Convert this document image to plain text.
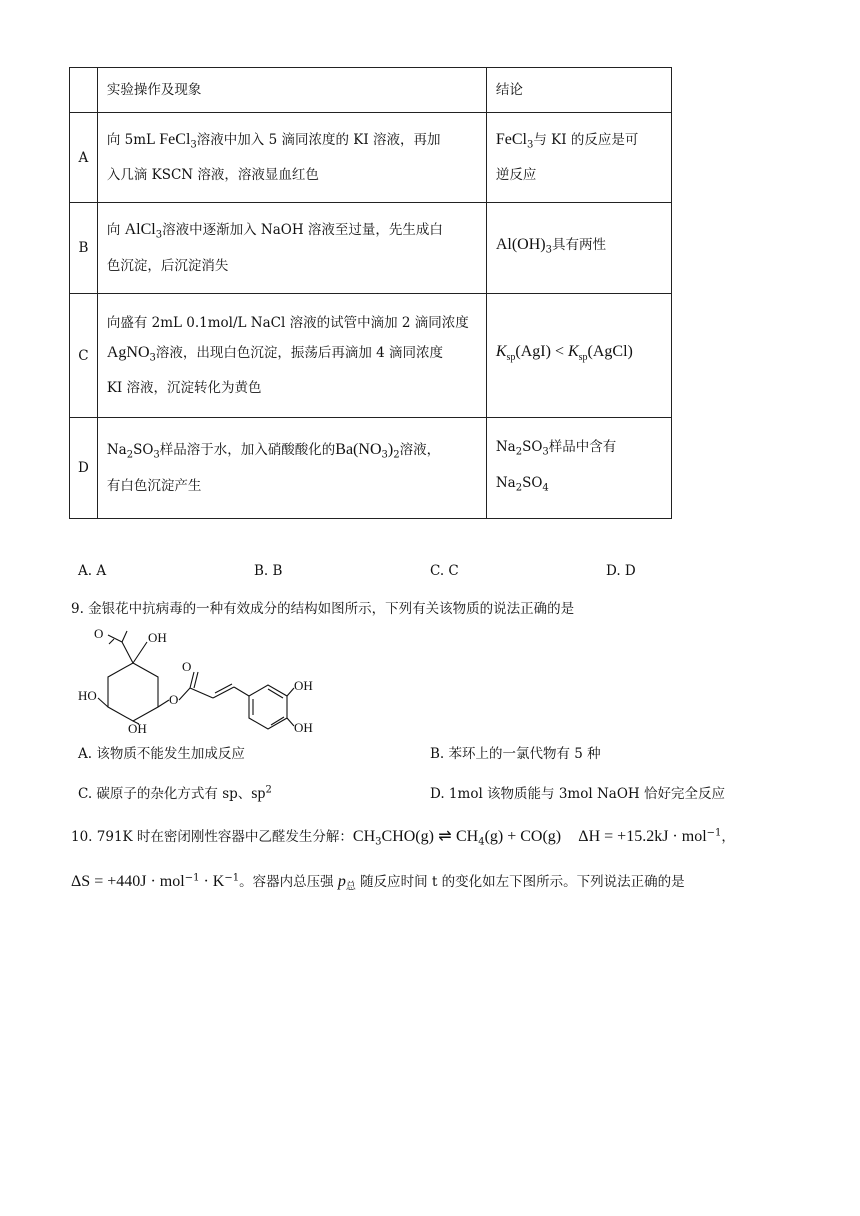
	实验操作及现象	结论
A	向 5mL FeCl$_3$溶液中加入 5 滴同浓度的 KI 溶液，再加
入几滴 KSCN 溶液，溶液显血红色	FeCl$_3$与 KI 的反应是可
逆反应
B	向 AlCl$_3$溶液中逐渐加入 NaOH 溶液至过量，先生成白
色沉淀，后沉淀消失	$Al(OH)_3$具有两性
C	向盛有 2mL 0.1mol/L NaCl 溶液的试管中滴加 2 滴同浓度
AgNO$_3$溶液，出现白色沉淀，振荡后再滴加 4 滴同浓度
KI 溶液，沉淀转化为黄色	$K_{sp}(AgI)$ < $K_{sp}(AgCl)$
D	$Na_2SO_3$样品溶于水，加入硝酸酸化的$Ba(NO_3)_2$溶液，
有白色沉淀产生	$Na_2SO_3$样品中含有
$Na_2SO_4$
A. A	B. B	C. C	D. D
9. 金银花中抗病毒的一种有效成分的结构如图所示，下列有关该物质的说法正确的是
O	OH
O
O
HO
OH
OH
OH
A. 该物质不能发生加成反应	B. 苯环上的一氯代物有 5 种
C. 碳原子的杂化方式有 sp、$sp^2$	D. 1mol 该物质能与 3mol NaOH 恰好完全反应
10. 791K 时在密闭刚性容器中乙醛发生分解：$CH_3CHO(g)$ ⇌ $CH_4(g) + CO(g) \Delta H = +15.2kJ \cdot mol^{-1}$，
$\Delta S = +440J \cdot mol^{-1} \cdot K^{-1}$。容器内总压强 $p_总$ 随反应时间 t 的变化如左下图所示。下列说法正确的是
